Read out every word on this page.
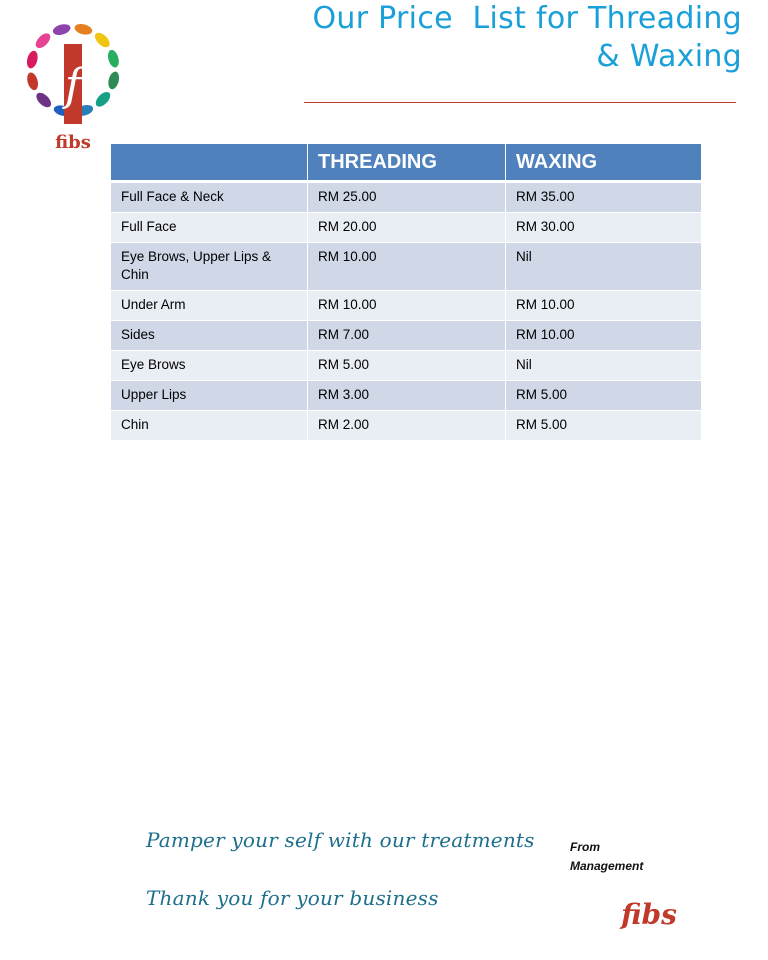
f
fibs
Our Price  List for Threading
& Waxing
	THREADING	WAXING
Full Face & Neck	RM 25.00	RM 35.00
Full Face	RM 20.00	RM 30.00
Eye Brows, Upper Lips & Chin	RM 10.00	Nil
Under Arm	RM 10.00	RM 10.00
Sides	RM 7.00	RM 10.00
Eye Brows	RM 5.00	Nil
Upper Lips	RM 3.00	RM 5.00
Chin	RM 2.00	RM 5.00
Pamper your self with our treatments
Thank you for your business
From
Management
fibs
